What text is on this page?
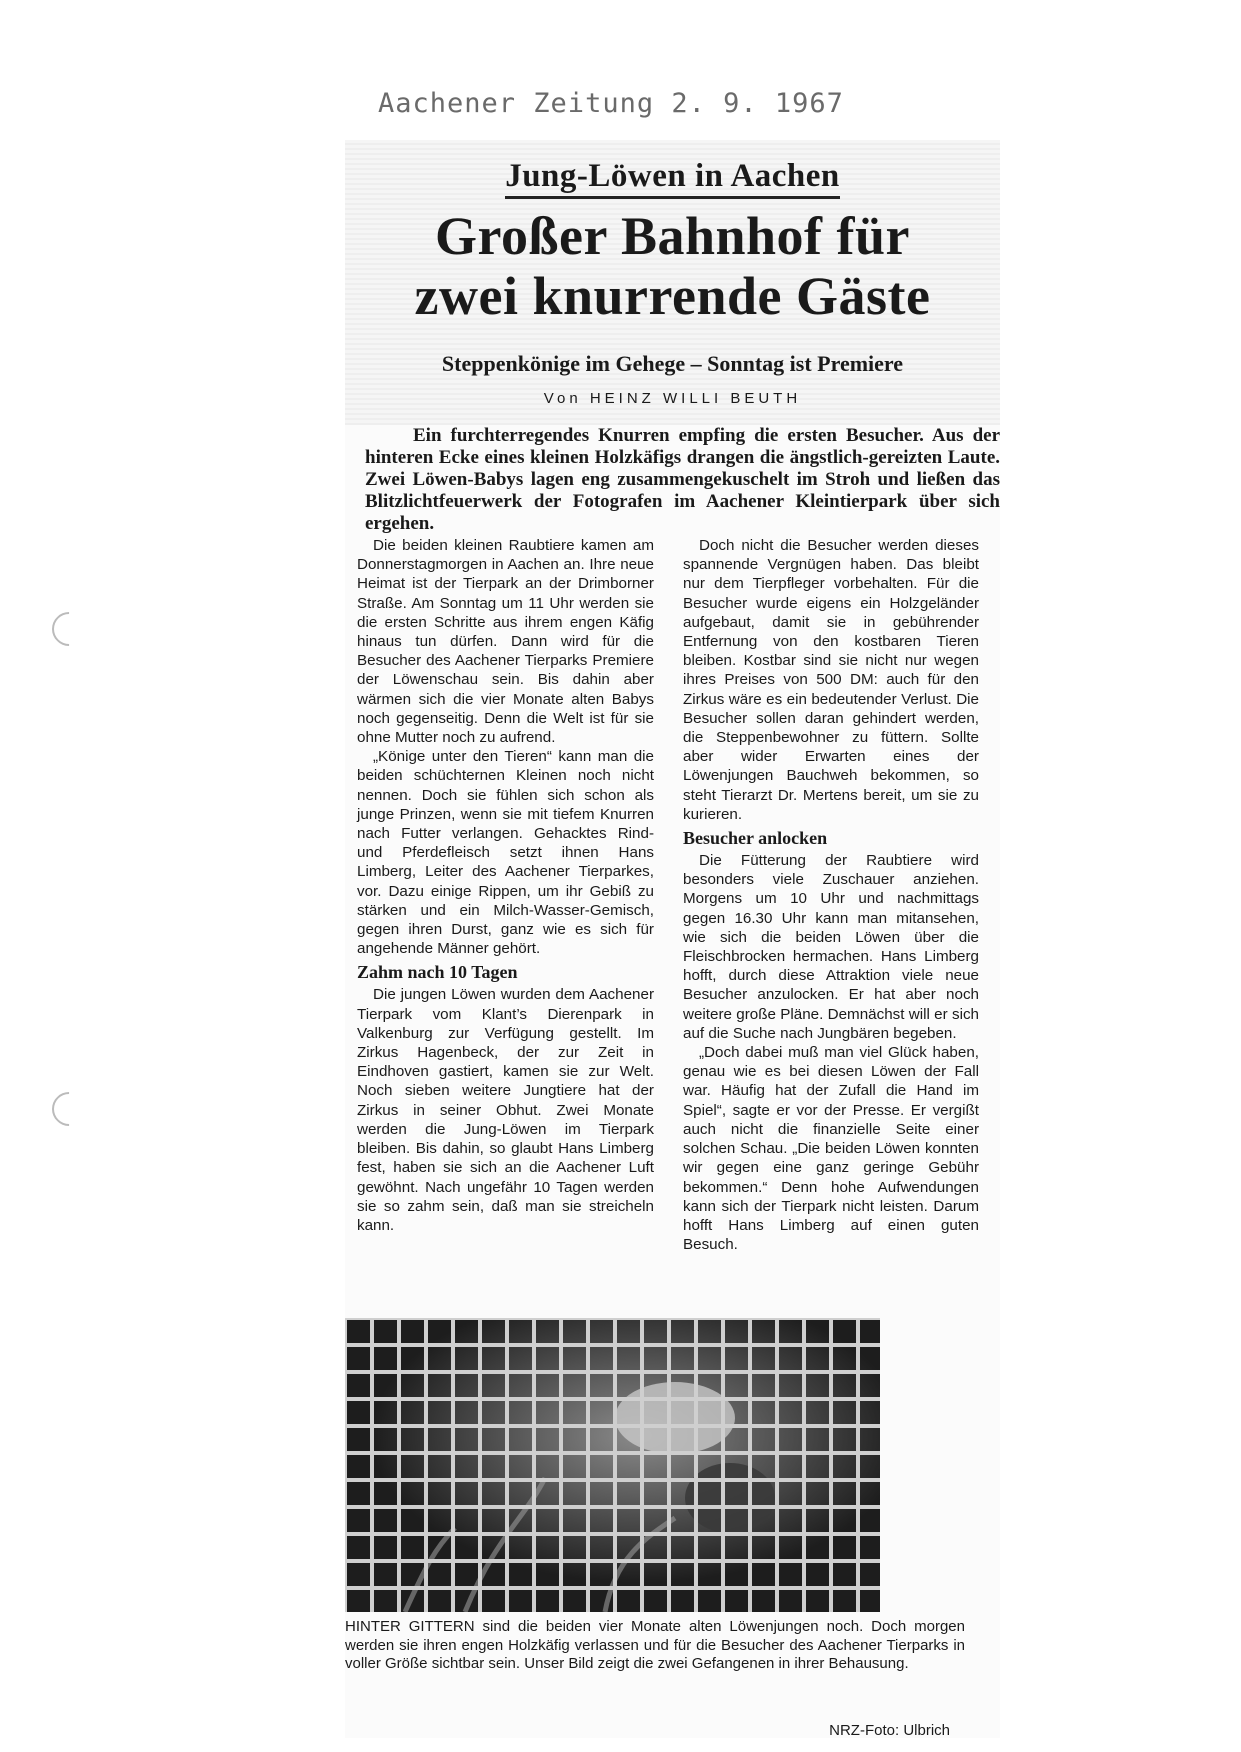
Aachener Zeitung 2. 9. 1967
Jung-Löwen in Aachen
Großer Bahnhof für
zwei knurrende Gäste
Steppenkönige im Gehege – Sonntag ist Premiere
Von HEINZ WILLI BEUTH
Ein furchterregendes Knurren empfing die ersten Besucher. Aus der hinteren Ecke eines kleinen Holzkäfigs drangen die ängstlich-gereizten Laute. Zwei Löwen-Babys lagen eng zusammengekuschelt im Stroh und ließen das Blitzlichtfeuerwerk der Fotografen im Aachener Kleintierpark über sich ergehen.

Die beiden kleinen Raubtiere kamen am Donnerstagmorgen in Aachen an. Ihre neue Heimat ist der Tierpark an der Drimborner Straße. Am Sonntag um 11 Uhr werden sie die ersten Schritte aus ihrem engen Käfig hinaus tun dürfen. Dann wird für die Besucher des Aachener Tierparks Premiere der Löwenschau sein. Bis dahin aber wärmen sich die vier Monate alten Babys noch gegenseitig. Denn die Welt ist für sie ohne Mutter noch zu aufrend.

„Könige unter den Tieren“ kann man die beiden schüchternen Kleinen noch nicht nennen. Doch sie fühlen sich schon als junge Prinzen, wenn sie mit tiefem Knurren nach Futter verlangen. Gehacktes Rind- und Pferdefleisch setzt ihnen Hans Limberg, Leiter des Aachener Tierparkes, vor. Dazu einige Rippen, um ihr Gebiß zu stärken und ein Milch-Wasser-Gemisch, gegen ihren Durst, ganz wie es sich für angehende Männer gehört.

Zahm nach 10 Tagen

Die jungen Löwen wurden dem Aachener Tierpark vom Klant’s Dierenpark in Valkenburg zur Verfügung gestellt. Im Zirkus Hagenbeck, der zur Zeit in Eindhoven gastiert, kamen sie zur Welt. Noch sieben weitere Jungtiere hat der Zirkus in seiner Obhut. Zwei Monate werden die Jung-Löwen im Tierpark bleiben. Bis dahin, so glaubt Hans Limberg fest, haben sie sich an die Aachener Luft gewöhnt. Nach ungefähr 10 Tagen werden sie so zahm sein, daß man sie streicheln kann.

Doch nicht die Besucher werden dieses spannende Vergnügen haben. Das bleibt nur dem Tierpfleger vorbehalten. Für die Besucher wurde eigens ein Holzgeländer aufgebaut, damit sie in gebührender Entfernung von den kostbaren Tieren bleiben. Kostbar sind sie nicht nur wegen ihres Preises von 500 DM: auch für den Zirkus wäre es ein bedeutender Verlust. Die Besucher sollen daran gehindert werden, die Steppenbewohner zu füttern. Sollte aber wider Erwarten eines der Löwenjungen Bauchweh bekommen, so steht Tierarzt Dr. Mertens bereit, um sie zu kurieren.

Besucher anlocken

Die Fütterung der Raubtiere wird besonders viele Zuschauer anziehen. Morgens um 10 Uhr und nachmittags gegen 16.30 Uhr kann man mitansehen, wie sich die beiden Löwen über die Fleischbrocken hermachen. Hans Limberg hofft, durch diese Attraktion viele neue Besucher anzulocken. Er hat aber noch weitere große Pläne. Demnächst will er sich auf die Suche nach Jungbären begeben.

„Doch dabei muß man viel Glück haben, genau wie es bei diesen Löwen der Fall war. Häufig hat der Zufall die Hand im Spiel“, sagte er vor der Presse. Er vergißt auch nicht die finanzielle Seite einer solchen Schau. „Die beiden Löwen konnten wir gegen eine ganz geringe Gebühr bekommen.“ Denn hohe Aufwendungen kann sich der Tierpark nicht leisten. Darum hofft Hans Limberg auf einen guten Besuch.

HINTER GITTERN sind die beiden vier Monate alten Löwenjungen noch. Doch morgen werden sie ihren engen Holzkäfig verlassen und für die Besucher des Aachener Tierparks in voller Größe sichtbar sein. Unser Bild zeigt die zwei Gefangenen in ihrer Behausung.
NRZ-Foto: Ulbrich
